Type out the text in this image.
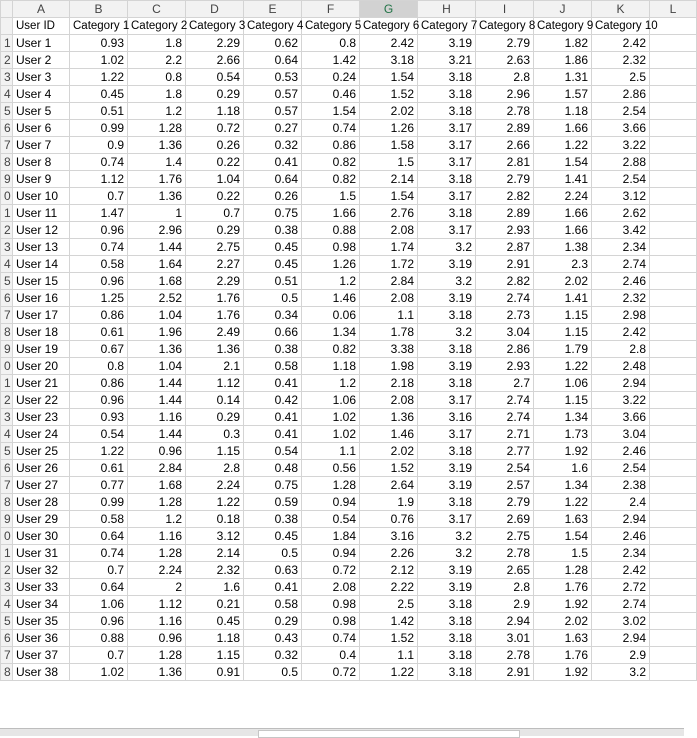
	A	B	C	D	E	F	G	H	I	J	K	L
	User ID	Category 1	Category 2	Category 3	Category 4	Category 5	Category 6	Category 7	Category 8	Category 9	Category 10	
1	User 1	0.93	1.8	2.29	0.62	0.8	2.42	3.19	2.79	1.82	2.42	
2	User 2	1.02	2.2	2.66	0.64	1.42	3.18	3.21	2.63	1.86	2.32	
3	User 3	1.22	0.8	0.54	0.53	0.24	1.54	3.18	2.8	1.31	2.5	
4	User 4	0.45	1.8	0.29	0.57	0.46	1.52	3.18	2.96	1.57	2.86	
5	User 5	0.51	1.2	1.18	0.57	1.54	2.02	3.18	2.78	1.18	2.54	
6	User 6	0.99	1.28	0.72	0.27	0.74	1.26	3.17	2.89	1.66	3.66	
7	User 7	0.9	1.36	0.26	0.32	0.86	1.58	3.17	2.66	1.22	3.22	
8	User 8	0.74	1.4	0.22	0.41	0.82	1.5	3.17	2.81	1.54	2.88	
9	User 9	1.12	1.76	1.04	0.64	0.82	2.14	3.18	2.79	1.41	2.54	
0	User 10	0.7	1.36	0.22	0.26	1.5	1.54	3.17	2.82	2.24	3.12	
1	User 11	1.47	1	0.7	0.75	1.66	2.76	3.18	2.89	1.66	2.62	
2	User 12	0.96	2.96	0.29	0.38	0.88	2.08	3.17	2.93	1.66	3.42	
3	User 13	0.74	1.44	2.75	0.45	0.98	1.74	3.2	2.87	1.38	2.34	
4	User 14	0.58	1.64	2.27	0.45	1.26	1.72	3.19	2.91	2.3	2.74	
5	User 15	0.96	1.68	2.29	0.51	1.2	2.84	3.2	2.82	2.02	2.46	
6	User 16	1.25	2.52	1.76	0.5	1.46	2.08	3.19	2.74	1.41	2.32	
7	User 17	0.86	1.04	1.76	0.34	0.06	1.1	3.18	2.73	1.15	2.98	
8	User 18	0.61	1.96	2.49	0.66	1.34	1.78	3.2	3.04	1.15	2.42	
9	User 19	0.67	1.36	1.36	0.38	0.82	3.38	3.18	2.86	1.79	2.8	
0	User 20	0.8	1.04	2.1	0.58	1.18	1.98	3.19	2.93	1.22	2.48	
1	User 21	0.86	1.44	1.12	0.41	1.2	2.18	3.18	2.7	1.06	2.94	
2	User 22	0.96	1.44	0.14	0.42	1.06	2.08	3.17	2.74	1.15	3.22	
3	User 23	0.93	1.16	0.29	0.41	1.02	1.36	3.16	2.74	1.34	3.66	
4	User 24	0.54	1.44	0.3	0.41	1.02	1.46	3.17	2.71	1.73	3.04	
5	User 25	1.22	0.96	1.15	0.54	1.1	2.02	3.18	2.77	1.92	2.46	
6	User 26	0.61	2.84	2.8	0.48	0.56	1.52	3.19	2.54	1.6	2.54	
7	User 27	0.77	1.68	2.24	0.75	1.28	2.64	3.19	2.57	1.34	2.38	
8	User 28	0.99	1.28	1.22	0.59	0.94	1.9	3.18	2.79	1.22	2.4	
9	User 29	0.58	1.2	0.18	0.38	0.54	0.76	3.17	2.69	1.63	2.94	
0	User 30	0.64	1.16	3.12	0.45	1.84	3.16	3.2	2.75	1.54	2.46	
1	User 31	0.74	1.28	2.14	0.5	0.94	2.26	3.2	2.78	1.5	2.34	
2	User 32	0.7	2.24	2.32	0.63	0.72	2.12	3.19	2.65	1.28	2.42	
3	User 33	0.64	2	1.6	0.41	2.08	2.22	3.19	2.8	1.76	2.72	
4	User 34	1.06	1.12	0.21	0.58	0.98	2.5	3.18	2.9	1.92	2.74	
5	User 35	0.96	1.16	0.45	0.29	0.98	1.42	3.18	2.94	2.02	3.02	
6	User 36	0.88	0.96	1.18	0.43	0.74	1.52	3.18	3.01	1.63	2.94	
7	User 37	0.7	1.28	1.15	0.32	0.4	1.1	3.18	2.78	1.76	2.9	
8	User 38	1.02	1.36	0.91	0.5	0.72	1.22	3.18	2.91	1.92	3.2	
